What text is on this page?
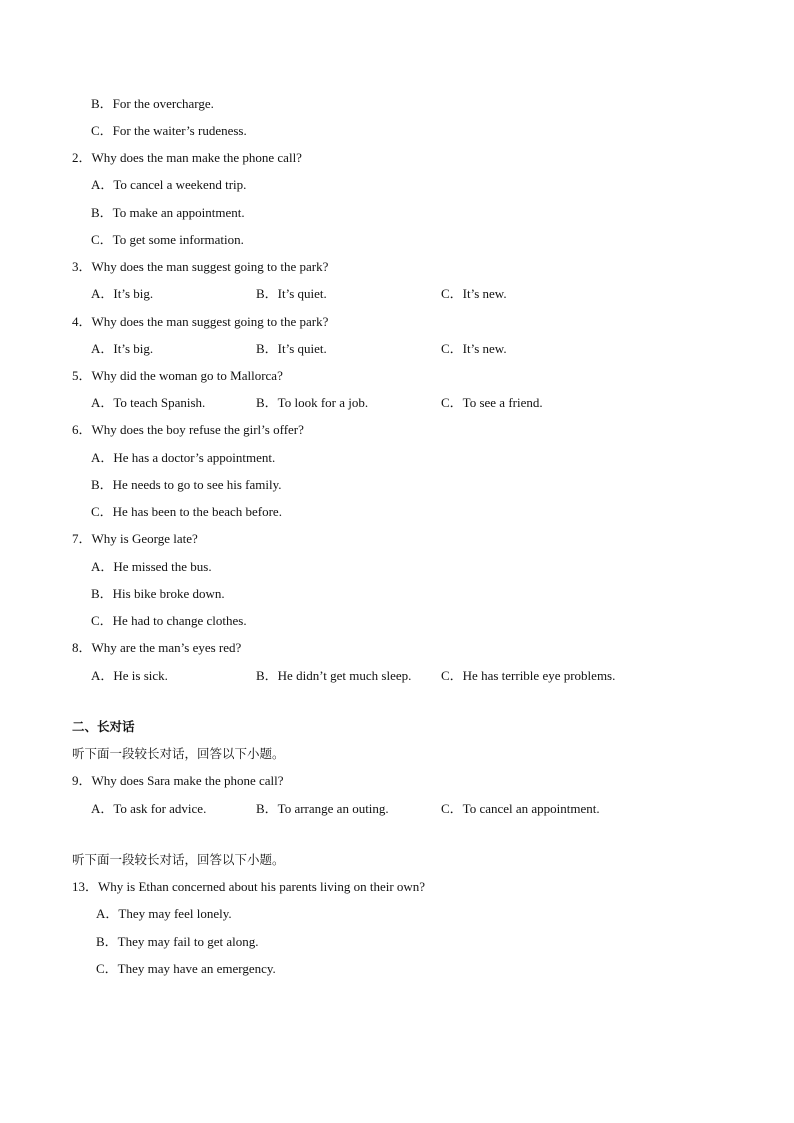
B．For the overcharge.
C．For the waiter’s rudeness.
2．Why does the man make the phone call?
A．To cancel a weekend trip.
B．To make an appointment.
C．To get some information.
3．Why does the man suggest going to the park?
A．It’s big.	B．It’s quiet.	C．It’s new.
4．Why does the man suggest going to the park?
A．It’s big.	B．It’s quiet.	C．It’s new.
5．Why did the woman go to Mallorca?
A．To teach Spanish.	B．To look for a job.	C．To see a friend.
6．Why does the boy refuse the girl’s offer?
A．He has a doctor’s appointment.
B．He needs to go to see his family.
C．He has been to the beach before.
7．Why is George late?
A．He missed the bus.
B．His bike broke down.
C．He had to change clothes.
8．Why are the man’s eyes red?
A．He is sick.	B．He didn’t get much sleep. C．He has terrible eye problems.
二、长对话
听下面一段较长对话，回答以下小题。
9．Why does Sara make the phone call?
A．To ask for advice.	B．To arrange an outing.	C．To cancel an appointment.
听下面一段较长对话，回答以下小题。
13．Why is Ethan concerned about his parents living on their own?
A．They may feel lonely.
B．They may fail to get along.
C．They may have an emergency.
